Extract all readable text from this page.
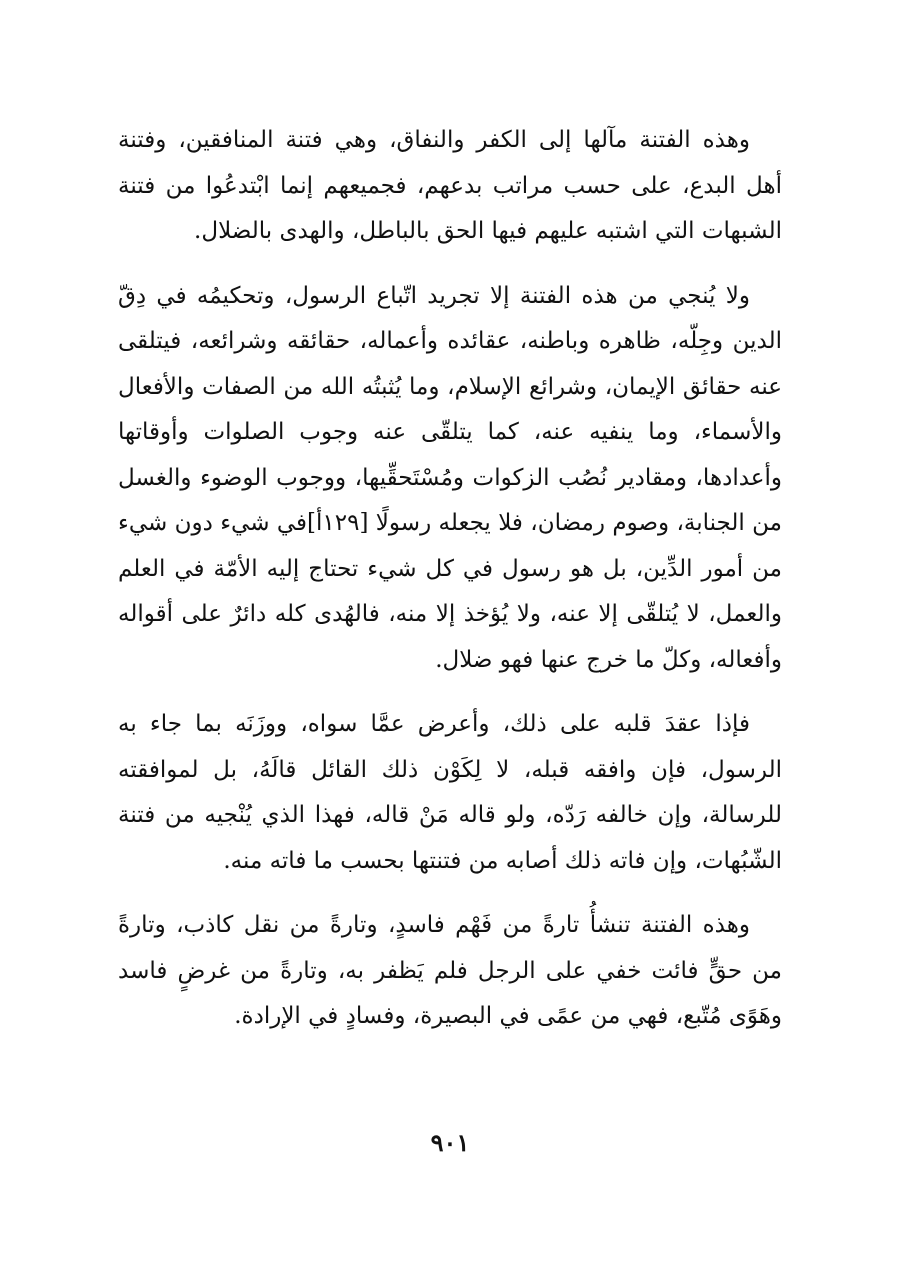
وهذه الفتنة مآلها إلى الكفر والنفاق، وهي فتنة المنافقين، وفتنة أهل البدع، على حسب مراتب بدعهم، فجميعهم إنما ابْتدعُوا من فتنة الشبهات التي اشتبه عليهم فيها الحق بالباطل، والهدى بالضلال.

ولا يُنجي من هذه الفتنة إلا تجريد اتّباع الرسول، وتحكيمُه في دِقّ الدين وجِلّه، ظاهره وباطنه، عقائده وأعماله، حقائقه وشرائعه، فيتلقى عنه حقائق الإيمان، وشرائع الإسلام، وما يُثبتُه الله من الصفات والأفعال والأسماء، وما ينفيه عنه، كما يتلقّى عنه وجوب الصلوات وأوقاتها وأعدادها، ومقادير نُصُب الزكوات ومُسْتَحقِّيها، ووجوب الوضوء والغسل من الجنابة، وصوم رمضان، فلا يجعله رسولًا [١٢٩أ]في شيء دون شيء من أمور الدِّين، بل هو رسول في كل شيء تحتاج إليه الأمّة في العلم والعمل، لا يُتلقّى إلا عنه، ولا يُؤخذ إلا منه، فالهُدى كله دائرٌ على أقواله وأفعاله، وكلّ ما خرج عنها فهو ضلال.

فإذا عقدَ قلبه على ذلك، وأعرض عمَّا سواه، ووزَنَه بما جاء به الرسول، فإن وافقه قبله، لا لِكَوْن ذلك القائل قالَهُ، بل لموافقته للرسالة، وإن خالفه رَدّه، ولو قاله مَنْ قاله، فهذا الذي يُنْجيه من فتنة الشّبُهات، وإن فاته ذلك أصابه من فتنتها بحسب ما فاته منه.

وهذه الفتنة تنشأُ تارةً من فَهْم فاسدٍ، وتارةً من نقل كاذب، وتارةً من حقٍّ فائت خفي على الرجل فلم يَظفر به، وتارةً من غرضٍ فاسد وهَوًى مُتّبع، فهي من عمًى في البصيرة، وفسادٍ في الإرادة.

٩٠١
